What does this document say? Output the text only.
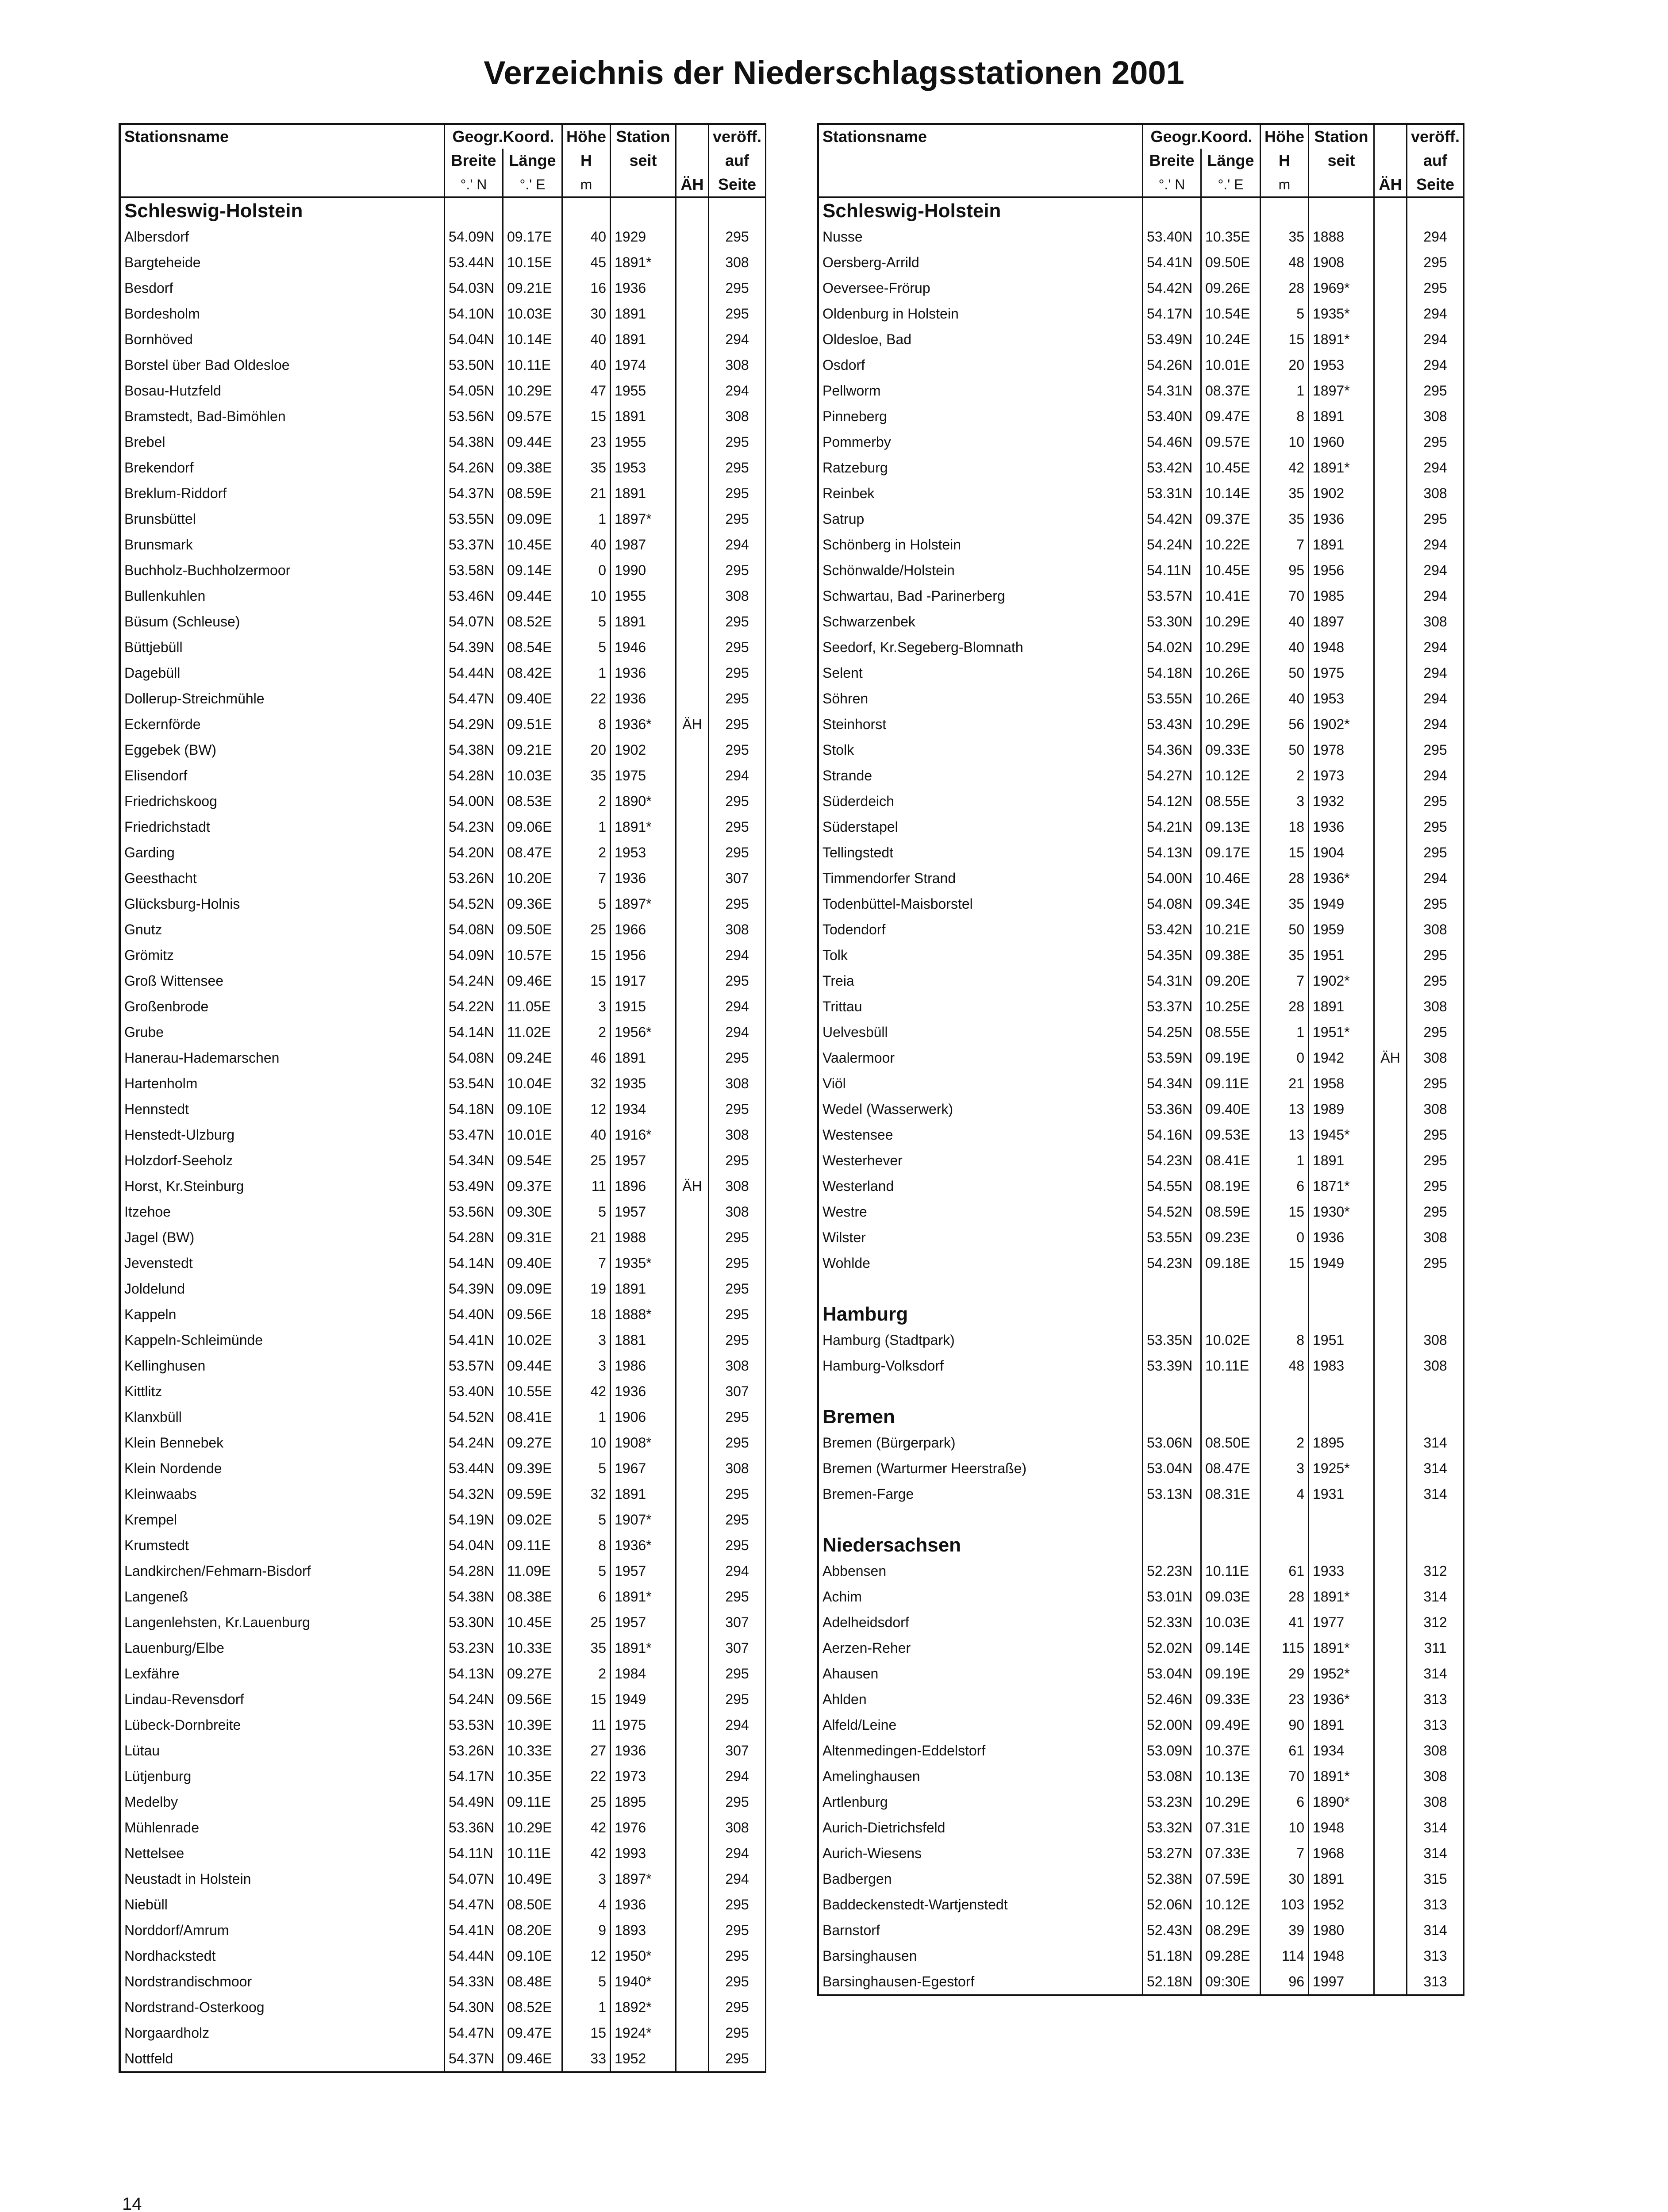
Verzeichnis der Niederschlagsstationen 2001
Stationsname	Geogr.Koord.		Höhe	Station		veröff.
	Breite	Länge	H	seit		auf
	°.' N	°.' E	m		ÄH	Seite
Schleswig-Holstein						
Albersdorf	54.09N	09.17E	40	1929		295
Bargteheide	53.44N	10.15E	45	1891*		308
Besdorf	54.03N	09.21E	16	1936		295
Bordesholm	54.10N	10.03E	30	1891		295
Bornhöved	54.04N	10.14E	40	1891		294
Borstel über Bad Oldesloe	53.50N	10.11E	40	1974		308
Bosau-Hutzfeld	54.05N	10.29E	47	1955		294
Bramstedt, Bad-Bimöhlen	53.56N	09.57E	15	1891		308
Brebel	54.38N	09.44E	23	1955		295
Brekendorf	54.26N	09.38E	35	1953		295
Breklum-Riddorf	54.37N	08.59E	21	1891		295
Brunsbüttel	53.55N	09.09E	1	1897*		295
Brunsmark	53.37N	10.45E	40	1987		294
Buchholz-Buchholzermoor	53.58N	09.14E	0	1990		295
Bullenkuhlen	53.46N	09.44E	10	1955		308
Büsum (Schleuse)	54.07N	08.52E	5	1891		295
Büttjebüll	54.39N	08.54E	5	1946		295
Dagebüll	54.44N	08.42E	1	1936		295
Dollerup-Streichmühle	54.47N	09.40E	22	1936		295
Eckernförde	54.29N	09.51E	8	1936*	ÄH	295
Eggebek (BW)	54.38N	09.21E	20	1902		295
Elisendorf	54.28N	10.03E	35	1975		294
Friedrichskoog	54.00N	08.53E	2	1890*		295
Friedrichstadt	54.23N	09.06E	1	1891*		295
Garding	54.20N	08.47E	2	1953		295
Geesthacht	53.26N	10.20E	7	1936		307
Glücksburg-Holnis	54.52N	09.36E	5	1897*		295
Gnutz	54.08N	09.50E	25	1966		308
Grömitz	54.09N	10.57E	15	1956		294
Groß Wittensee	54.24N	09.46E	15	1917		295
Großenbrode	54.22N	11.05E	3	1915		294
Grube	54.14N	11.02E	2	1956*		294
Hanerau-Hademarschen	54.08N	09.24E	46	1891		295
Hartenholm	53.54N	10.04E	32	1935		308
Hennstedt	54.18N	09.10E	12	1934		295
Henstedt-Ulzburg	53.47N	10.01E	40	1916*		308
Holzdorf-Seeholz	54.34N	09.54E	25	1957		295
Horst, Kr.Steinburg	53.49N	09.37E	11	1896	ÄH	308
Itzehoe	53.56N	09.30E	5	1957		308
Jagel (BW)	54.28N	09.31E	21	1988		295
Jevenstedt	54.14N	09.40E	7	1935*		295
Joldelund	54.39N	09.09E	19	1891		295
Kappeln	54.40N	09.56E	18	1888*		295
Kappeln-Schleimünde	54.41N	10.02E	3	1881		295
Kellinghusen	53.57N	09.44E	3	1986		308
Kittlitz	53.40N	10.55E	42	1936		307
Klanxbüll	54.52N	08.41E	1	1906		295
Klein Bennebek	54.24N	09.27E	10	1908*		295
Klein Nordende	53.44N	09.39E	5	1967		308
Kleinwaabs	54.32N	09.59E	32	1891		295
Krempel	54.19N	09.02E	5	1907*		295
Krumstedt	54.04N	09.11E	8	1936*		295
Landkirchen/Fehmarn-Bisdorf	54.28N	11.09E	5	1957		294
Langeneß	54.38N	08.38E	6	1891*		295
Langenlehsten, Kr.Lauenburg	53.30N	10.45E	25	1957		307
Lauenburg/Elbe	53.23N	10.33E	35	1891*		307
Lexfähre	54.13N	09.27E	2	1984		295
Lindau-Revensdorf	54.24N	09.56E	15	1949		295
Lübeck-Dornbreite	53.53N	10.39E	11	1975		294
Lütau	53.26N	10.33E	27	1936		307
Lütjenburg	54.17N	10.35E	22	1973		294
Medelby	54.49N	09.11E	25	1895		295
Mühlenrade	53.36N	10.29E	42	1976		308
Nettelsee	54.11N	10.11E	42	1993		294
Neustadt in Holstein	54.07N	10.49E	3	1897*		294
Niebüll	54.47N	08.50E	4	1936		295
Norddorf/Amrum	54.41N	08.20E	9	1893		295
Nordhackstedt	54.44N	09.10E	12	1950*		295
Nordstrandischmoor	54.33N	08.48E	5	1940*		295
Nordstrand-Osterkoog	54.30N	08.52E	1	1892*		295
Norgaardholz	54.47N	09.47E	15	1924*		295
Nottfeld	54.37N	09.46E	33	1952		295
Stationsname	Geogr.Koord.		Höhe	Station		veröff.
	Breite	Länge	H	seit		auf
	°.' N	°.' E	m		ÄH	Seite
Schleswig-Holstein						
Nusse	53.40N	10.35E	35	1888		294
Oersberg-Arrild	54.41N	09.50E	48	1908		295
Oeversee-Frörup	54.42N	09.26E	28	1969*		295
Oldenburg in Holstein	54.17N	10.54E	5	1935*		294
Oldesloe, Bad	53.49N	10.24E	15	1891*		294
Osdorf	54.26N	10.01E	20	1953		294
Pellworm	54.31N	08.37E	1	1897*		295
Pinneberg	53.40N	09.47E	8	1891		308
Pommerby	54.46N	09.57E	10	1960		295
Ratzeburg	53.42N	10.45E	42	1891*		294
Reinbek	53.31N	10.14E	35	1902		308
Satrup	54.42N	09.37E	35	1936		295
Schönberg in Holstein	54.24N	10.22E	7	1891		294
Schönwalde/Holstein	54.11N	10.45E	95	1956		294
Schwartau, Bad -Parinerberg	53.57N	10.41E	70	1985		294
Schwarzenbek	53.30N	10.29E	40	1897		308
Seedorf, Kr.Segeberg-Blomnath	54.02N	10.29E	40	1948		294
Selent	54.18N	10.26E	50	1975		294
Söhren	53.55N	10.26E	40	1953		294
Steinhorst	53.43N	10.29E	56	1902*		294
Stolk	54.36N	09.33E	50	1978		295
Strande	54.27N	10.12E	2	1973		294
Süderdeich	54.12N	08.55E	3	1932		295
Süderstapel	54.21N	09.13E	18	1936		295
Tellingstedt	54.13N	09.17E	15	1904		295
Timmendorfer Strand	54.00N	10.46E	28	1936*		294
Todenbüttel-Maisborstel	54.08N	09.34E	35	1949		295
Todendorf	53.42N	10.21E	50	1959		308
Tolk	54.35N	09.38E	35	1951		295
Treia	54.31N	09.20E	7	1902*		295
Trittau	53.37N	10.25E	28	1891		308
Uelvesbüll	54.25N	08.55E	1	1951*		295
Vaalermoor	53.59N	09.19E	0	1942	ÄH	308
Viöl	54.34N	09.11E	21	1958		295
Wedel (Wasserwerk)	53.36N	09.40E	13	1989		308
Westensee	54.16N	09.53E	13	1945*		295
Westerhever	54.23N	08.41E	1	1891		295
Westerland	54.55N	08.19E	6	1871*		295
Westre	54.52N	08.59E	15	1930*		295
Wilster	53.55N	09.23E	0	1936		308
Wohlde	54.23N	09.18E	15	1949		295

Hamburg						
Hamburg (Stadtpark)	53.35N	10.02E	8	1951		308
Hamburg-Volksdorf	53.39N	10.11E	48	1983		308

Bremen						
Bremen (Bürgerpark)	53.06N	08.50E	2	1895		314
Bremen (Warturmer Heerstraße)	53.04N	08.47E	3	1925*		314
Bremen-Farge	53.13N	08.31E	4	1931		314

Niedersachsen						
Abbensen	52.23N	10.11E	61	1933		312
Achim	53.01N	09.03E	28	1891*		314
Adelheidsdorf	52.33N	10.03E	41	1977		312
Aerzen-Reher	52.02N	09.14E	115	1891*		311
Ahausen	53.04N	09.19E	29	1952*		314
Ahlden	52.46N	09.33E	23	1936*		313
Alfeld/Leine	52.00N	09.49E	90	1891		313
Altenmedingen-Eddelstorf	53.09N	10.37E	61	1934		308
Amelinghausen	53.08N	10.13E	70	1891*		308
Artlenburg	53.23N	10.29E	6	1890*		308
Aurich-Dietrichsfeld	53.32N	07.31E	10	1948		314
Aurich-Wiesens	53.27N	07.33E	7	1968		314
Badbergen	52.38N	07.59E	30	1891		315
Baddeckenstedt-Wartjenstedt	52.06N	10.12E	103	1952		313
Barnstorf	52.43N	08.29E	39	1980		314
Barsinghausen	51.18N	09.28E	114	1948		313
Barsinghausen-Egestorf	52.18N	09:30E	96	1997		313
14
